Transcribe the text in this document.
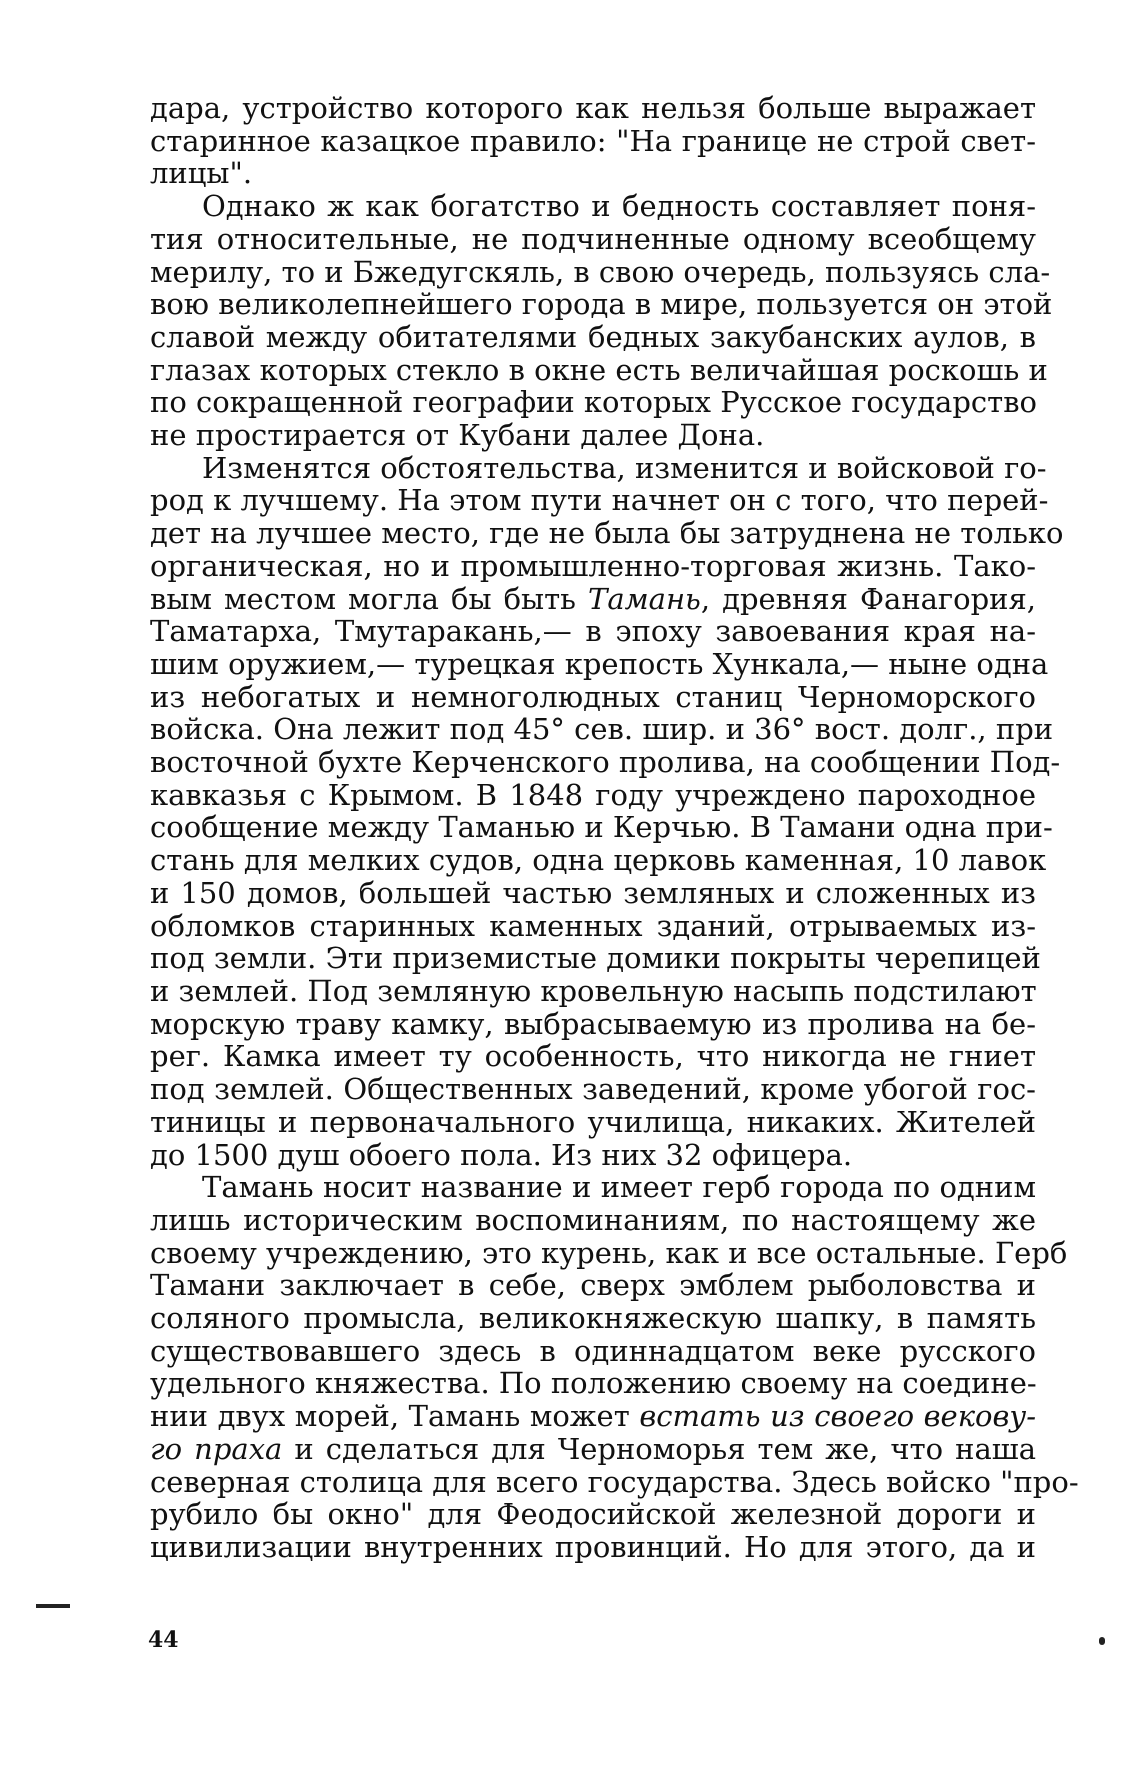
дара, устройство которого как нельзя больше выражает
старинное казацкое правило: "На границе не строй свет-
лицы".
Однако ж как богатство и бедность составляет поня-
тия относительные, не подчиненные одному всеобщему
мерилу, то и Бжедугскяль, в свою очередь, пользуясь сла-
вою великолепнейшего города в мире, пользуется он этой
славой между обитателями бедных закубанских аулов, в
глазах которых стекло в окне есть величайшая роскошь и
по сокращенной географии которых Русское государство
не простирается от Кубани далее Дона.
Изменятся обстоятельства, изменится и войсковой го-
род к лучшему. На этом пути начнет он с того, что перей-
дет на лучшее место, где не была бы затруднена не только
органическая, но и промышленно-торговая жизнь. Тако-
вым местом могла бы быть Тамань, древняя Фанагория,
Таматарха, Тмутаракань,— в эпоху завоевания края на-
шим оружием,— турецкая крепость Хункала,— ныне одна
из небогатых и немноголюдных станиц Черноморского
войска. Она лежит под 45° сев. шир. и 36° вост. долг., при
восточной бухте Керченского пролива, на сообщении Под-
кавказья с Крымом. В 1848 году учреждено пароходное
сообщение между Таманью и Керчью. В Тамани одна при-
стань для мелких судов, одна церковь каменная, 10 лавок
и 150 домов, большей частью земляных и сложенных из
обломков старинных каменных зданий, отрываемых из-
под земли. Эти приземистые домики покрыты черепицей
и землей. Под земляную кровельную насыпь подстилают
морскую траву камку, выбрасываемую из пролива на бе-
рег. Камка имеет ту особенность, что никогда не гниет
под землей. Общественных заведений, кроме убогой гос-
тиницы и первоначального училища, никаких. Жителей
до 1500 душ обоего пола. Из них 32 офицера.
Тамань носит название и имеет герб города по одним
лишь историческим воспоминаниям, по настоящему же
своему учреждению, это курень, как и все остальные. Герб
Тамани заключает в себе, сверх эмблем рыболовства и
соляного промысла, великокняжескую шапку, в память
существовавшего здесь в одиннадцатом веке русского
удельного княжества. По положению своему на соедине-
нии двух морей, Тамань может встать из своего векову-
го праха и сделаться для Черноморья тем же, что наша
северная столица для всего государства. Здесь войско "про-
рубило бы окно" для Феодосийской железной дороги и
цивилизации внутренних провинций. Но для этого, да и
44
